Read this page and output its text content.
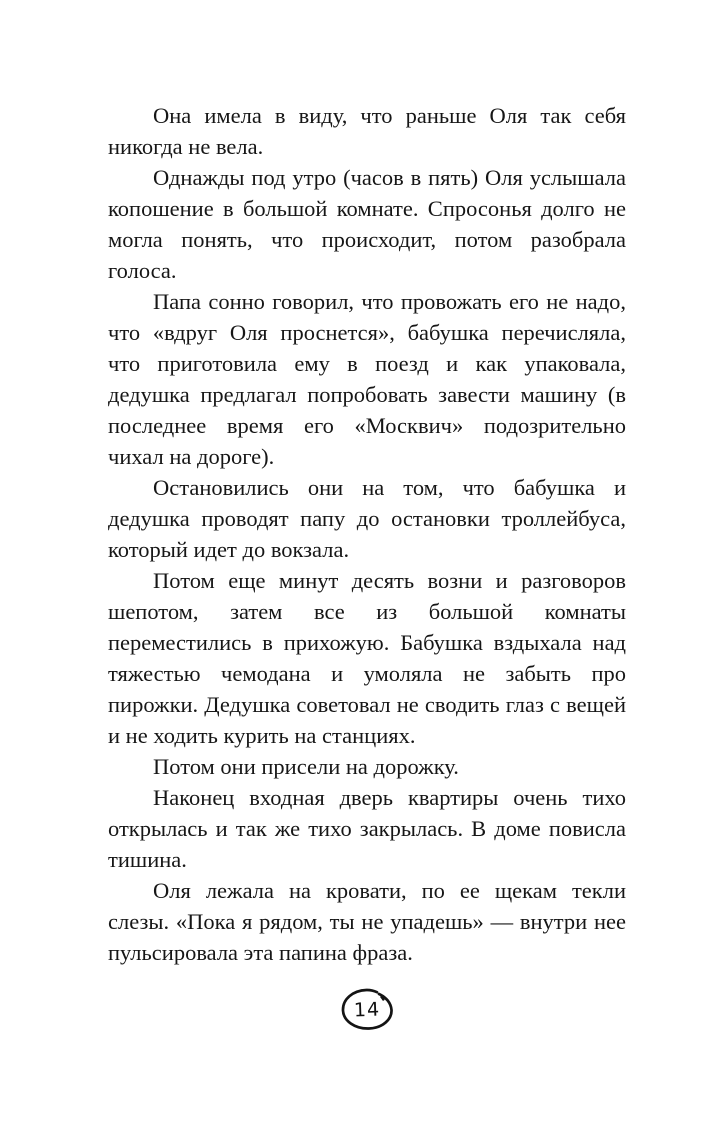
Она имела в виду, что раньше Оля так себя никогда не вела.

Однажды под утро (часов в пять) Оля услышала копошение в большой комнате. Спросонья долго не могла понять, что происходит, потом разобрала голоса.

Папа сонно говорил, что провожать его не надо, что «вдруг Оля проснется», бабушка перечисляла, что приготовила ему в поезд и как упаковала, дедушка предлагал попробовать завести машину (в последнее время его «Москвич» подозрительно чихал на дороге).

Остановились они на том, что бабушка и дедушка проводят папу до остановки троллейбуса, который идет до вокзала.

Потом еще минут десять возни и разговоров шепотом, затем все из большой комнаты переместились в прихожую. Бабушка вздыхала над тяжестью чемодана и умоляла не забыть про пирожки. Дедушка советовал не сводить глаз с вещей и не ходить курить на станциях.

Потом они присели на дорожку.

Наконец входная дверь квартиры очень тихо открылась и так же тихо закрылась. В доме повисла тишина.

Оля лежала на кровати, по ее щекам текли слезы. «Пока я рядом, ты не упадешь» — внутри нее пульсировала эта папина фраза.

14
